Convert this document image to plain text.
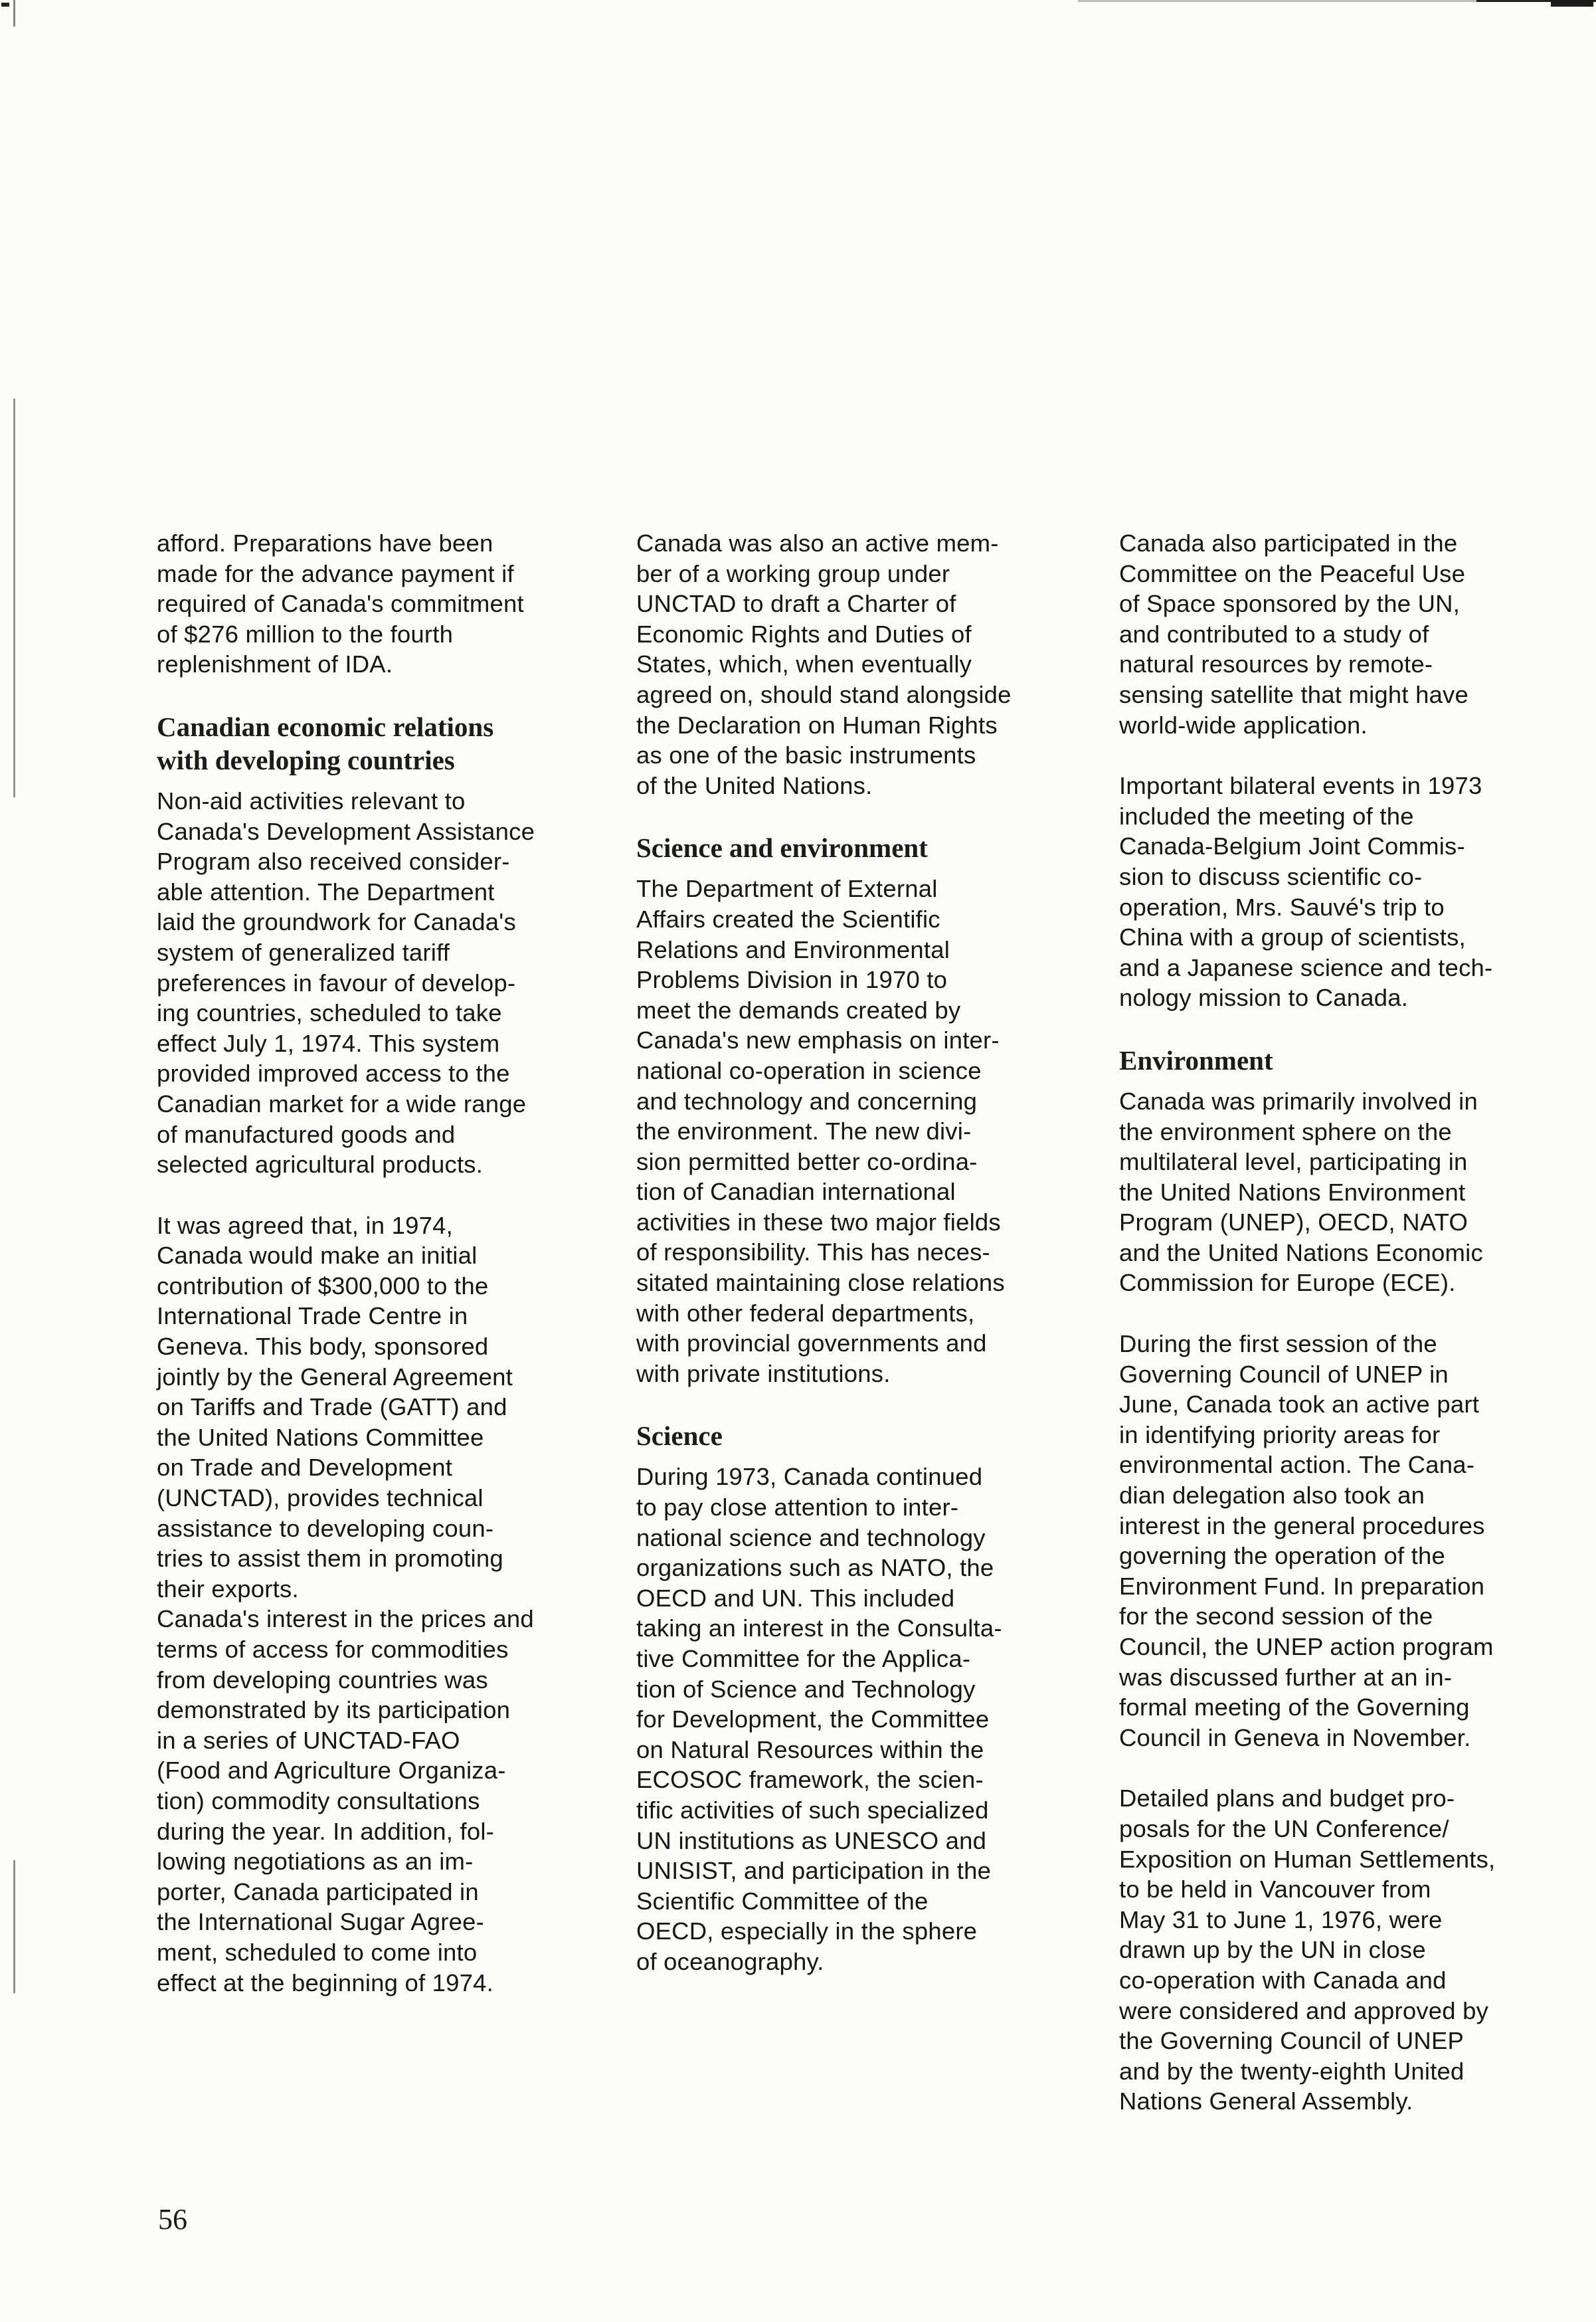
afford. Preparations have been
made for the advance payment if
required of Canada's commitment
of $276 million to the fourth
replenishment of IDA.

Canadian economic relations
with developing countries

Non-aid activities relevant to
Canada's Development Assistance
Program also received consider-
able attention. The Department
laid the groundwork for Canada's
system of generalized tariff
preferences in favour of develop-
ing countries, scheduled to take
effect July 1, 1974. This system
provided improved access to the
Canadian market for a wide range
of manufactured goods and
selected agricultural products.

It was agreed that, in 1974,
Canada would make an initial
contribution of $300,000 to the
International Trade Centre in
Geneva. This body, sponsored
jointly by the General Agreement
on Tariffs and Trade (GATT) and
the United Nations Committee
on Trade and Development
(UNCTAD), provides technical
assistance to developing coun-
tries to assist them in promoting
their exports.
Canada's interest in the prices and
terms of access for commodities
from developing countries was
demonstrated by its participation
in a series of UNCTAD-FAO
(Food and Agriculture Organiza-
tion) commodity consultations
during the year. In addition, fol-
lowing negotiations as an im-
porter, Canada participated in
the International Sugar Agree-
ment, scheduled to come into
effect at the beginning of 1974.

Canada was also an active mem-
ber of a working group under
UNCTAD to draft a Charter of
Economic Rights and Duties of
States, which, when eventually
agreed on, should stand alongside
the Declaration on Human Rights
as one of the basic instruments
of the United Nations.

Science and environment

The Department of External
Affairs created the Scientific
Relations and Environmental
Problems Division in 1970 to
meet the demands created by
Canada's new emphasis on inter-
national co-operation in science
and technology and concerning
the environment. The new divi-
sion permitted better co-ordina-
tion of Canadian international
activities in these two major fields
of responsibility. This has neces-
sitated maintaining close relations
with other federal departments,
with provincial governments and
with private institutions.

Science

During 1973, Canada continued
to pay close attention to inter-
national science and technology
organizations such as NATO, the
OECD and UN. This included
taking an interest in the Consulta-
tive Committee for the Applica-
tion of Science and Technology
for Development, the Committee
on Natural Resources within the
ECOSOC framework, the scien-
tific activities of such specialized
UN institutions as UNESCO and
UNISIST, and participation in the
Scientific Committee of the
OECD, especially in the sphere
of oceanography.

Canada also participated in the
Committee on the Peaceful Use
of Space sponsored by the UN,
and contributed to a study of
natural resources by remote-
sensing satellite that might have
world-wide application.

Important bilateral events in 1973
included the meeting of the
Canada-Belgium Joint Commis-
sion to discuss scientific co-
operation, Mrs. Sauvé's trip to
China with a group of scientists,
and a Japanese science and tech-
nology mission to Canada.

Environment

Canada was primarily involved in
the environment sphere on the
multilateral level, participating in
the United Nations Environment
Program (UNEP), OECD, NATO
and the United Nations Economic
Commission for Europe (ECE).

During the first session of the
Governing Council of UNEP in
June, Canada took an active part
in identifying priority areas for
environmental action. The Cana-
dian delegation also took an
interest in the general procedures
governing the operation of the
Environment Fund. In preparation
for the second session of the
Council, the UNEP action program
was discussed further at an in-
formal meeting of the Governing
Council in Geneva in November.

Detailed plans and budget pro-
posals for the UN Conference/
Exposition on Human Settlements,
to be held in Vancouver from
May 31 to June 1, 1976, were
drawn up by the UN in close
co-operation with Canada and
were considered and approved by
the Governing Council of UNEP
and by the twenty-eighth United
Nations General Assembly.

56
